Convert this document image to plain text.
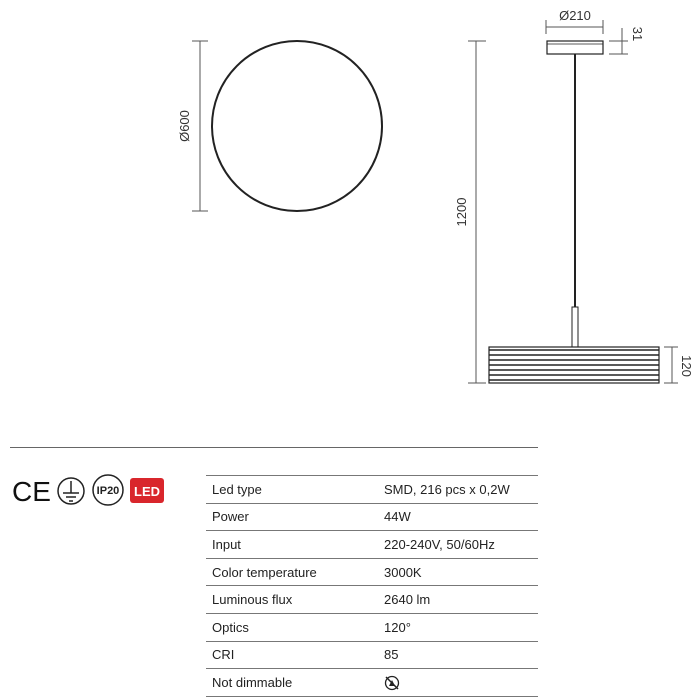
Ø600
Ø210
31
1200
120
CE	IP20 LED	Led type	SMD, 216 pcs x 0,2W
Power	44W
Input	220-240V, 50/60Hz
Color temperature	3000K
Luminous flux	2640 lm
Optics	120°
CRI	85
Not dimmable	
